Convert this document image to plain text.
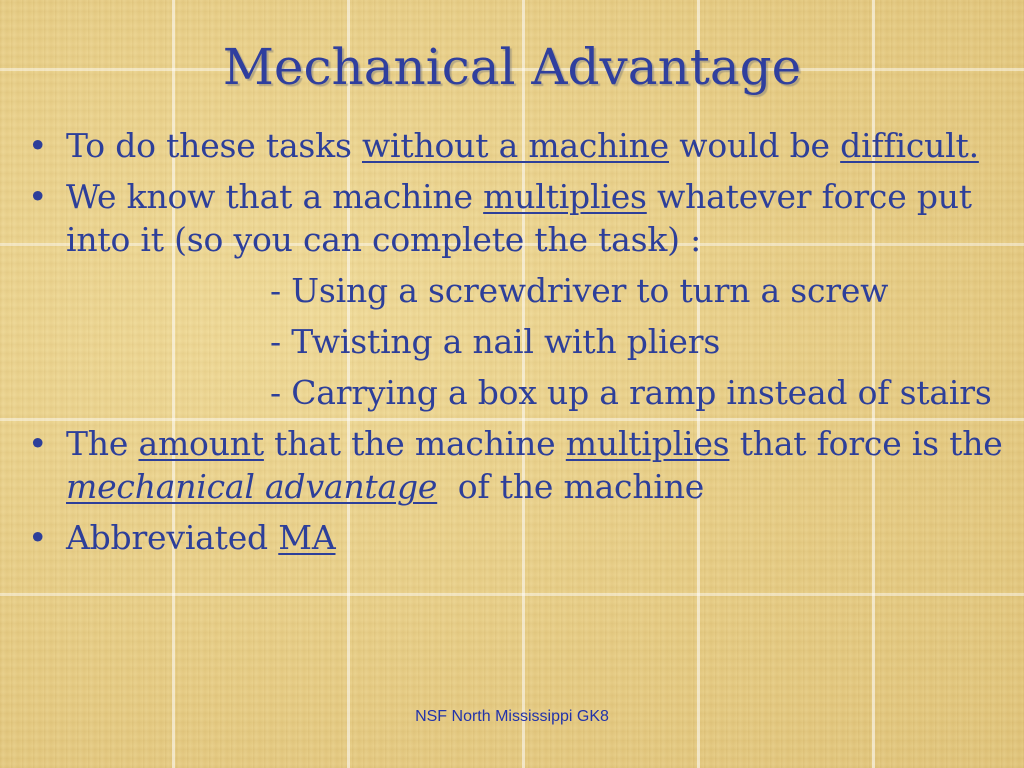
Mechanical Advantage
• To do these tasks without a machine would be difficult.
• We know that a machine multiplies whatever force put into it (so you can complete the task) :
- Using a screwdriver to turn a screw
- Twisting a nail with pliers
- Carrying a box up a ramp instead of stairs
• The amount that the machine multiplies that force is the mechanical advantage  of the machine
• Abbreviated MA
NSF North Mississippi GK8
